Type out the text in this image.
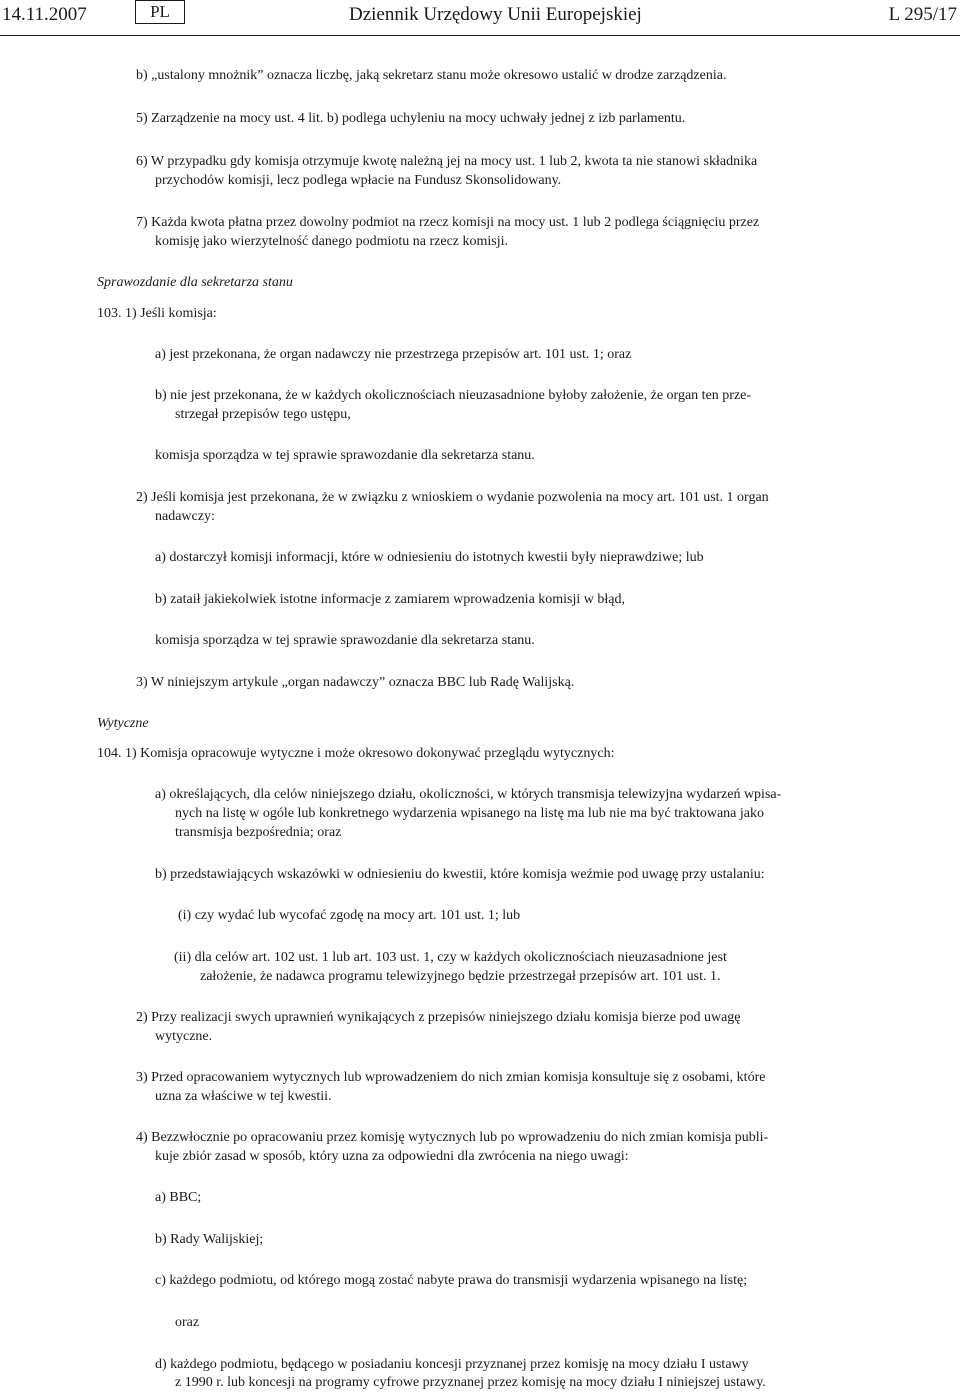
14.11.2007	PL	Dziennik Urzędowy Unii Europejskiej	L 295/17
b) „ustalony mnożnik” oznacza liczbę, jaką sekretarz stanu może okresowo ustalić w drodze zarządzenia.
5) Zarządzenie na mocy ust. 4 lit. b) podlega uchyleniu na mocy uchwały jednej z izb parlamentu.
6) W przypadku gdy komisja otrzymuje kwotę należną jej na mocy ust. 1 lub 2, kwota ta nie stanowi składnika
przychodów komisji, lecz podlega wpłacie na Fundusz Skonsolidowany.
7) Każda kwota płatna przez dowolny podmiot na rzecz komisji na mocy ust. 1 lub 2 podlega ściągnięciu przez
komisję jako wierzytelność danego podmiotu na rzecz komisji.
Sprawozdanie dla sekretarza stanu
103. 1) Jeśli komisja:
a) jest przekonana, że organ nadawczy nie przestrzega przepisów art. 101 ust. 1; oraz
b) nie jest przekonana, że w każdych okolicznościach nieuzasadnione byłoby założenie, że organ ten prze-
strzegał przepisów tego ustępu,
komisja sporządza w tej sprawie sprawozdanie dla sekretarza stanu.
2) Jeśli komisja jest przekonana, że w związku z wnioskiem o wydanie pozwolenia na mocy art. 101 ust. 1 organ
nadawczy:
a) dostarczył komisji informacji, które w odniesieniu do istotnych kwestii były nieprawdziwe; lub
b) zataił jakiekolwiek istotne informacje z zamiarem wprowadzenia komisji w błąd,
komisja sporządza w tej sprawie sprawozdanie dla sekretarza stanu.
3) W niniejszym artykule „organ nadawczy” oznacza BBC lub Radę Walijską.
Wytyczne
104. 1) Komisja opracowuje wytyczne i może okresowo dokonywać przeglądu wytycznych:
a) określających, dla celów niniejszego działu, okoliczności, w których transmisja telewizyjna wydarzeń wpisa-
nych na listę w ogóle lub konkretnego wydarzenia wpisanego na listę ma lub nie ma być traktowana jako
transmisja bezpośrednia; oraz
b) przedstawiających wskazówki w odniesieniu do kwestii, które komisja weźmie pod uwagę przy ustalaniu:
(i) czy wydać lub wycofać zgodę na mocy art. 101 ust. 1; lub
(ii) dla celów art. 102 ust. 1 lub art. 103 ust. 1, czy w każdych okolicznościach nieuzasadnione jest
założenie, że nadawca programu telewizyjnego będzie przestrzegał przepisów art. 101 ust. 1.
2) Przy realizacji swych uprawnień wynikających z przepisów niniejszego działu komisja bierze pod uwagę
wytyczne.
3) Przed opracowaniem wytycznych lub wprowadzeniem do nich zmian komisja konsultuje się z osobami, które
uzna za właściwe w tej kwestii.
4) Bezzwłocznie po opracowaniu przez komisję wytycznych lub po wprowadzeniu do nich zmian komisja publi-
kuje zbiór zasad w sposób, który uzna za odpowiedni dla zwrócenia na niego uwagi:
a) BBC;
b) Rady Walijskiej;
c) każdego podmiotu, od którego mogą zostać nabyte prawa do transmisji wydarzenia wpisanego na listę;
oraz
d) każdego podmiotu, będącego w posiadaniu koncesji przyznanej przez komisję na mocy działu I ustawy
z 1990 r. lub koncesji na programy cyfrowe przyznanej przez komisję na mocy działu I niniejszej ustawy.
